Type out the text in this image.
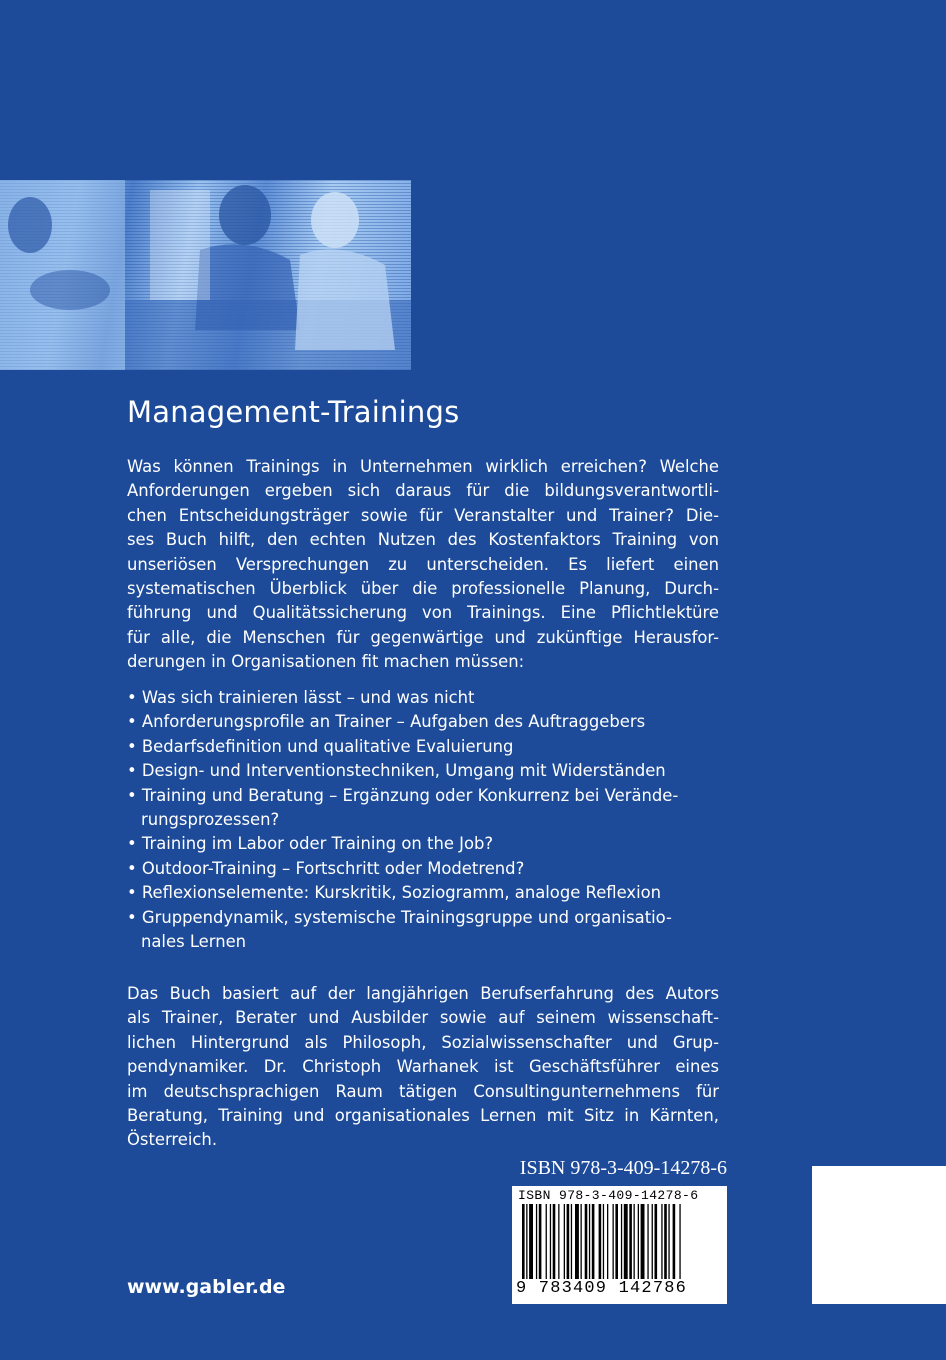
Management-Trainings
Was können Trainings in Unternehmen wirklich erreichen? Welche
Anforderungen ergeben sich daraus für die bildungsverantwortli-
chen Entscheidungsträger sowie für Veranstalter und Trainer? Die-
ses Buch hilft, den echten Nutzen des Kostenfaktors Training von
unseriösen Versprechungen zu unterscheiden. Es liefert einen
systematischen Überblick über die professionelle Planung, Durch-
führung und Qualitätssicherung von Trainings. Eine Pflichtlektüre
für alle, die Menschen für gegenwärtige und zukünftige Herausfor-
derungen in Organisationen fit machen müssen:
• Was sich trainieren lässt – und was nicht
• Anforderungsprofile an Trainer – Aufgaben des Auftraggebers
• Bedarfsdefinition und qualitative Evaluierung
• Design- und Interventionstechniken, Umgang mit Widerständen
• Training und Beratung – Ergänzung oder Konkurrenz bei Verände-
rungsprozessen?
• Training im Labor oder Training on the Job?
• Outdoor-Training – Fortschritt oder Modetrend?
• Reflexionselemente: Kurskritik, Soziogramm, analoge Reflexion
• Gruppendynamik, systemische Trainingsgruppe und organisatio-
nales Lernen
Das Buch basiert auf der langjährigen Berufserfahrung des Autors
als Trainer, Berater und Ausbilder sowie auf seinem wissenschaft-
lichen Hintergrund als Philosoph, Sozialwissenschafter und Grup-
pendynamiker. Dr. Christoph Warhanek ist Geschäftsführer eines
im deutschsprachigen Raum tätigen Consultingunternehmens für
Beratung, Training und organisationales Lernen mit Sitz in Kärnten,
Österreich.
ISBN 978-3-409-14278-6
ISBN 978-3-409-14278-6
9 783409 142786
www.gabler.de
